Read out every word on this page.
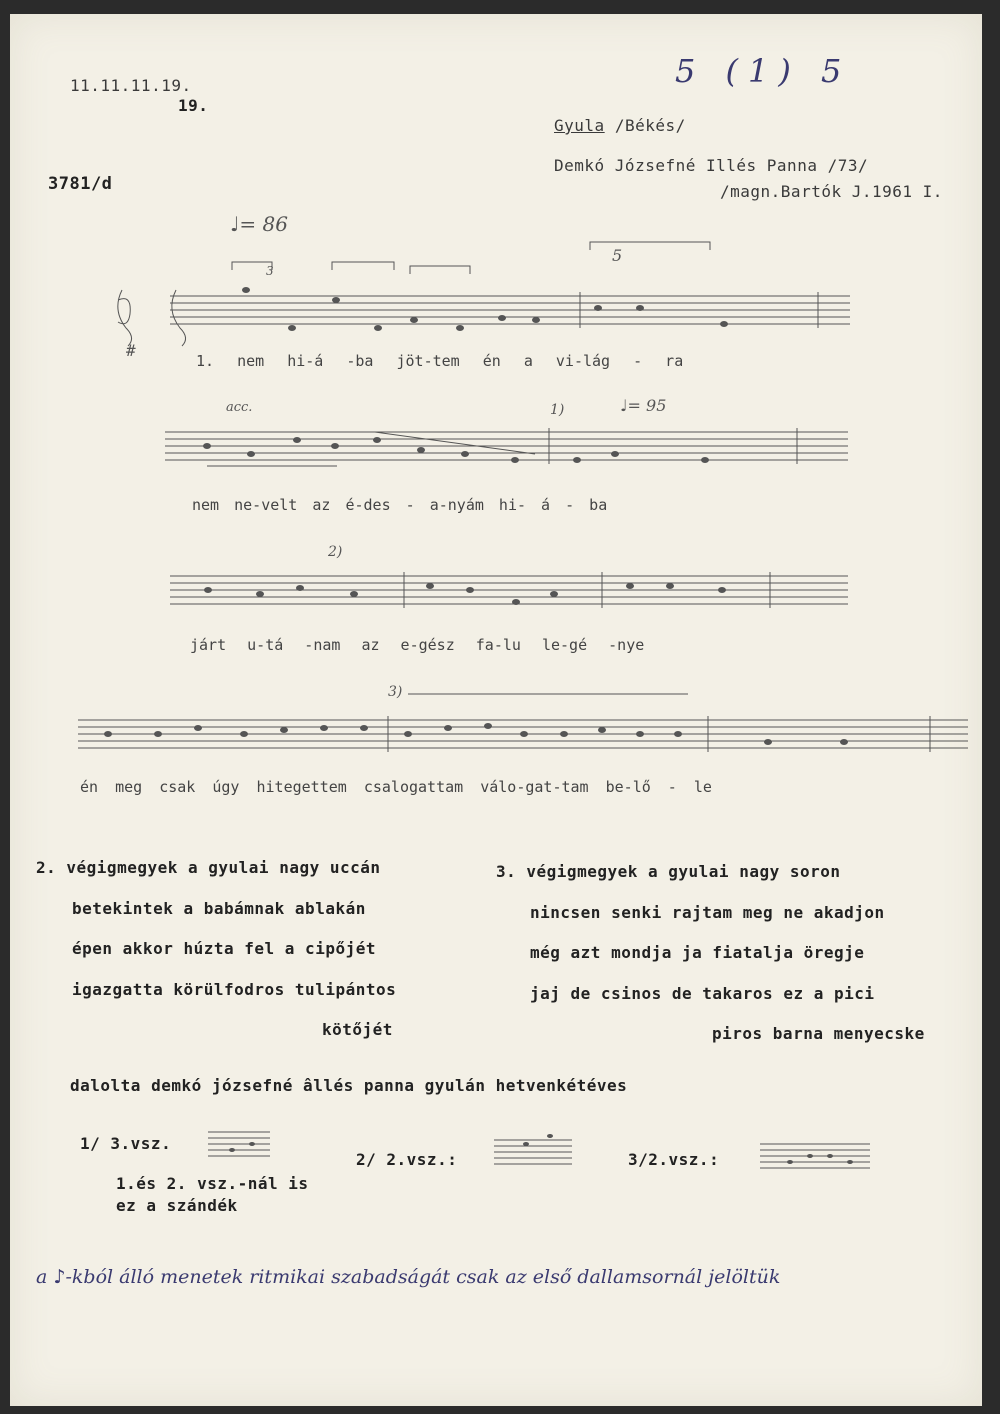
11.11.11.19.
19.
3781/d
5 (1) 5
Gyula /Békés/
Demkó Józsefné Illés Panna /73/
/magn.Bartók J.1961 I.
♩= 86
♩= 95
acc.	1)
2)
3)
5
3
#
1. nem hi-á -ba jöt-tem én a vi-lág - ra
nem ne-velt az é-des - a-nyám hi- á - ba
járt u-tá -nam az e-gész fa-lu le-gé -nye
én meg csak úgy hitegettem csalogattam válo-gat-tam be-lő - le
2. végigmegyek a gyulai nagy uccán
betekintek a babámnak ablakán
épen akkor húzta fel a cipőjét
igazgatta körülfodros tulipántos
kötőjét
3. végigmegyek a gyulai nagy soron
nincsen senki rajtam meg ne akadjon
még azt mondja ja fiatalja öregje
jaj de csinos de takaros ez a pici
piros barna menyecske
dalolta demkó józsefné âllés panna gyulán hetvenkétéves
1/ 3.vsz.
1.és 2. vsz.-nál is
ez a szándék
2/ 2.vsz.:	3/2.vsz.:
a ♪-kból álló menetek ritmikai szabadságát csak az első dallamsornál jelöltük
